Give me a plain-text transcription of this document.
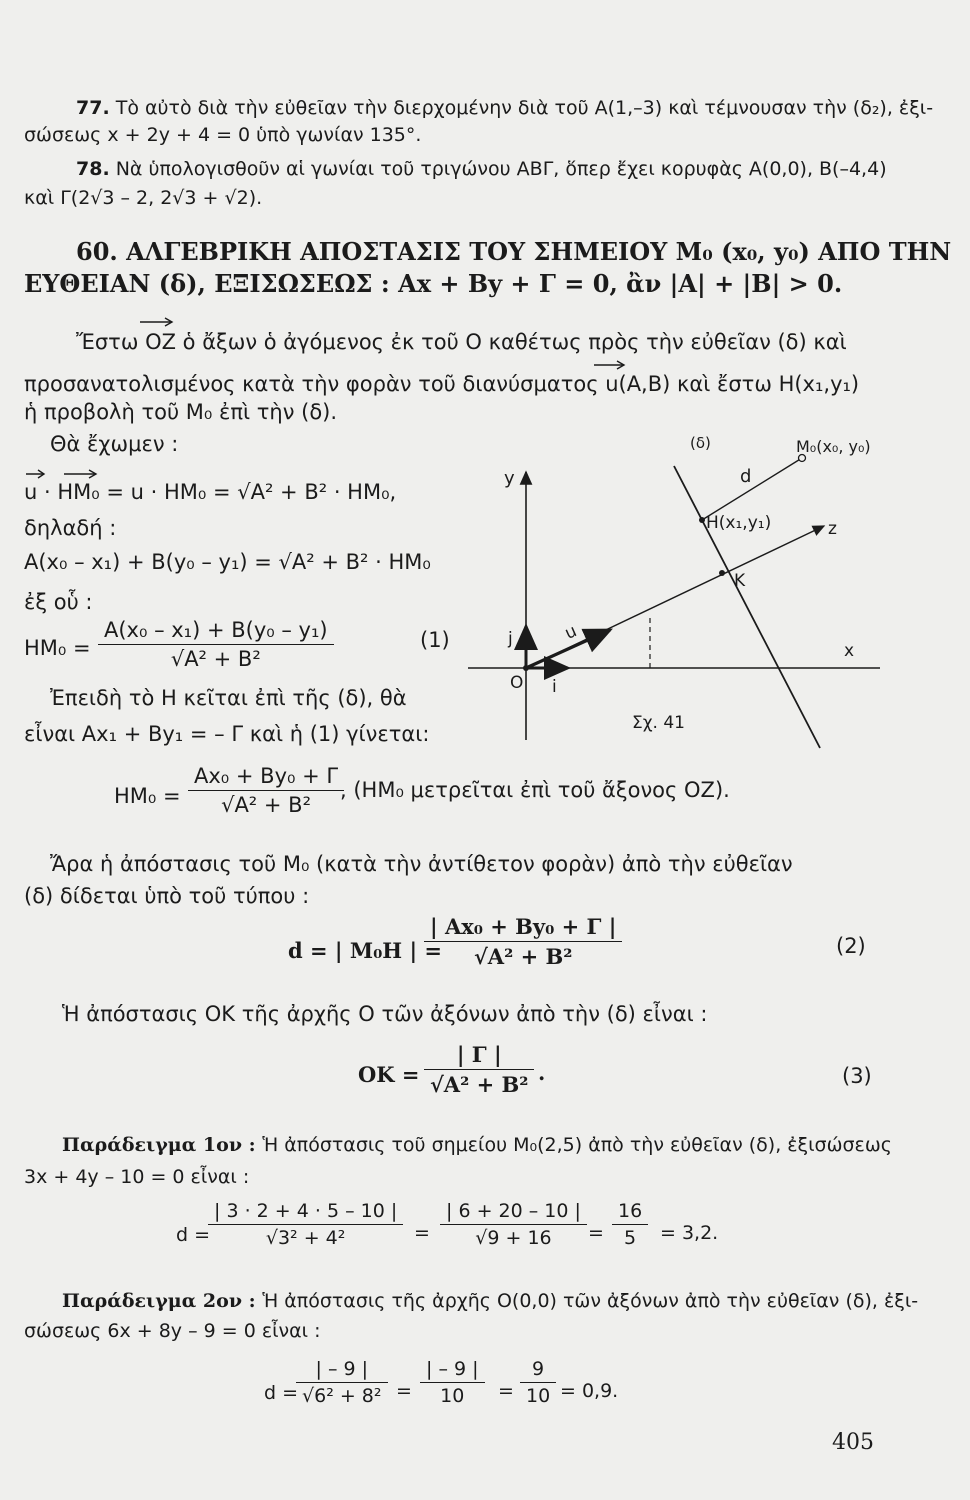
77. Τὸ αὐτὸ διὰ τὴν εὐθεῖαν τὴν διερχομένην διὰ τοῦ Α(1,–3) καὶ τέμνουσαν τὴν (δ₂), ἐξι-
σώσεως x + 2y + 4 = 0 ὑπὸ γωνίαν 135°.
78. Νὰ ὑπολογισθοῦν αἱ γωνίαι τοῦ τριγώνου ΑΒΓ, ὅπερ ἔχει κορυφὰς Α(0,0), Β(–4,4)
καὶ Γ(2√3 – 2, 2√3 + √2).
60. ΑΛΓΕΒΡΙΚΗ ΑΠΟΣΤΑΣΙΣ ΤΟΥ ΣΗΜΕΙΟΥ M₀ (x₀, y₀) ΑΠΟ ΤΗΝ
ΕΥΘΕΙΑΝ (δ), ΕΞΙΣΩΣΕΩΣ : Ax + By + Γ = 0, ἂν |A| + |B| > 0.
Ἔστω OZ ὁ ἄξων ὁ ἀγόμενος ἐκ τοῦ O καθέτως πρὸς τὴν εὐθεῖαν (δ) καὶ
προσανατολισμένος κατὰ τὴν φορὰν τοῦ διανύσματος u(A,B) καὶ ἔστω H(x₁,y₁)
ἡ προβολὴ τοῦ M₀ ἐπὶ τὴν (δ).
Θὰ ἔχωμεν :
u · HM₀ = u · HM₀ = √A² + B² · HM₀,
δηλαδή :
A(x₀ – x₁) + B(y₀ – y₁) = √A² + B² · HM₀
ἐξ οὗ :
HM₀ =
A(x₀ – x₁) + B(y₀ – y₁)
√A² + B²
(1)
Ἐπειδὴ τὸ H κεῖται ἐπὶ τῆς (δ), θὰ
εἶναι Ax₁ + By₁ = – Γ καὶ ἡ (1) γίνεται:
HM₀ =
Ax₀ + By₀ + Γ
√A² + B²
, (HM₀ μετρεῖται ἐπὶ τοῦ ἄξονος OZ).
Ἄρα ἡ ἀπόστασις τοῦ M₀ (κατὰ τὴν ἀντίθετον φορὰν) ἀπὸ τὴν εὐθεῖαν
(δ) δίδεται ὑπὸ τοῦ τύπου :
d = | M₀H | =
| Ax₀ + By₀ + Γ |
√A² + B²	(2)
Ἡ ἀπόστασις OK τῆς ἀρχῆς O τῶν ἀξόνων ἀπὸ τὴν (δ) εἶναι :
OK =
| Γ |
√A² + B² .	(3)
Παράδειγμα 1ον : Ἡ ἀπόστασις τοῦ σημείου M₀(2,5) ἀπὸ τὴν εὐθεῖαν (δ), ἐξισώσεως
3x + 4y – 10 = 0 εἶναι :
d =
| 3 · 2 + 4 · 5 – 10 |
√3² + 4²	=
| 6 + 20 – 10 |
√9 + 16	=
16
5	= 3,2.
Παράδειγμα 2ον : Ἡ ἀπόστασις τῆς ἀρχῆς O(0,0) τῶν ἀξόνων ἀπὸ τὴν εὐθεῖαν (δ), ἐξι-
σώσεως 6x + 8y – 9 = 0 εἶναι :
d =
| – 9 |
√6² + 8² =
| – 9 |
10	=
9
10 = 0,9.
405
(δ)	M₀(x₀, y₀)
y	d
H(x₁,y₁)	z
K
u
j
x
O i
Σχ. 41
